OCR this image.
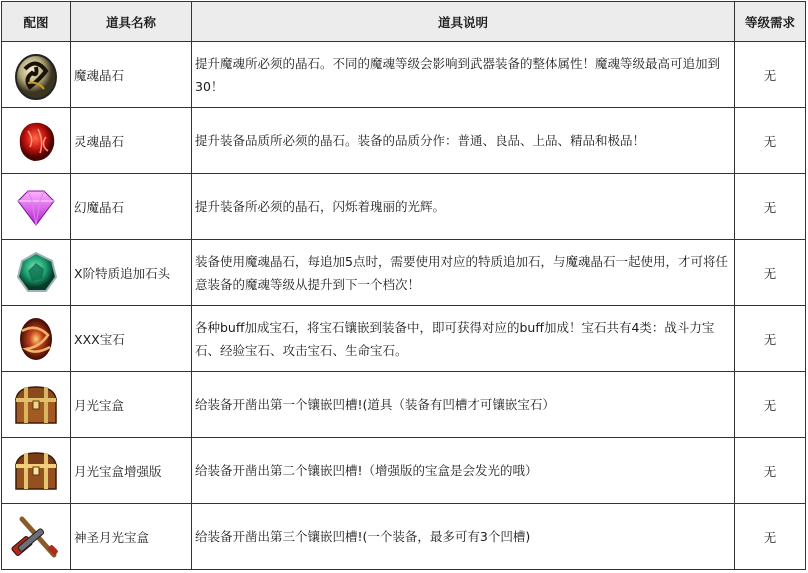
配图	道具名称	道具说明	等级需求

	魔魂晶石	提升魔魂所必须的晶石。不同的魔魂等级会影响到武器装备的整体属性！魔魂等级最高可追加到30！	无

	灵魂晶石	提升装备品质所必须的晶石。装备的品质分作：普通、良品、上品、精品和极品！	无

	幻魔晶石	提升装备所必须的晶石，闪烁着瑰丽的光辉。	无

	X阶特质追加石头	装备使用魔魂晶石，每追加5点时，需要使用对应的特质追加石，与魔魂晶石一起使用，才可将任意装备的魔魂等级从提升到下一个档次！	无

	XXX宝石	各种buff加成宝石，将宝石镶嵌到装备中，即可获得对应的buff加成！宝石共有4类：战斗力宝石、经验宝石、攻击宝石、生命宝石。	无

	月光宝盒	给装备开凿出第一个镶嵌凹槽!(道具（装备有凹槽才可镶嵌宝石）	无

	月光宝盒增强版	给装备开凿出第二个镶嵌凹槽!（增强版的宝盒是会发光的哦）	无

	神圣月光宝盒	给装备开凿出第三个镶嵌凹槽!(一个装备，最多可有3个凹槽)	无
